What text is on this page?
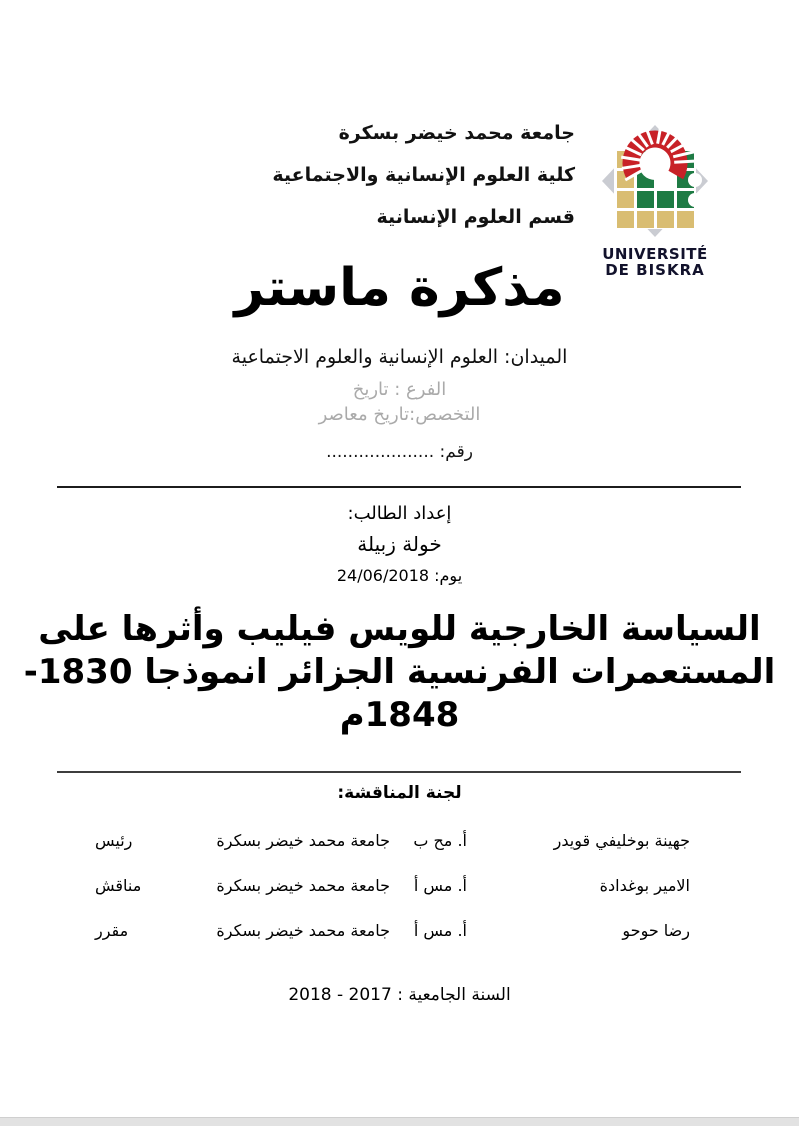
جامعة محمد خيضر بسكرة
كلية العلوم الإنسانية والاجتماعية
قسم العلوم الإنسانية
UNIVERSITÉ
DE BISKRA
مذكرة ماستر
الميدان: العلوم الإنسانية والعلوم الاجتماعية
الفرع : تاريخ
التخصص:تاريخ معاصر
رقم: ....................
إعداد الطالب:
خولة زبيلة
يوم: 24/06/2018
السياسة الخارجية للويس فيليب وأثرها على
المستعمرات الفرنسية الجزائر انموذجا 1830-
1848م
لجنة المناقشة:
جهينة بوخليفي قويدر
أ. مح ب
جامعة محمد خيضر بسكرة
رئيس
الامير بوغدادة
أ. مس أ
جامعة محمد خيضر بسكرة
مناقش
رضا حوحو
أ. مس أ
جامعة محمد خيضر بسكرة
مقرر
السنة الجامعية : 2017 - 2018
